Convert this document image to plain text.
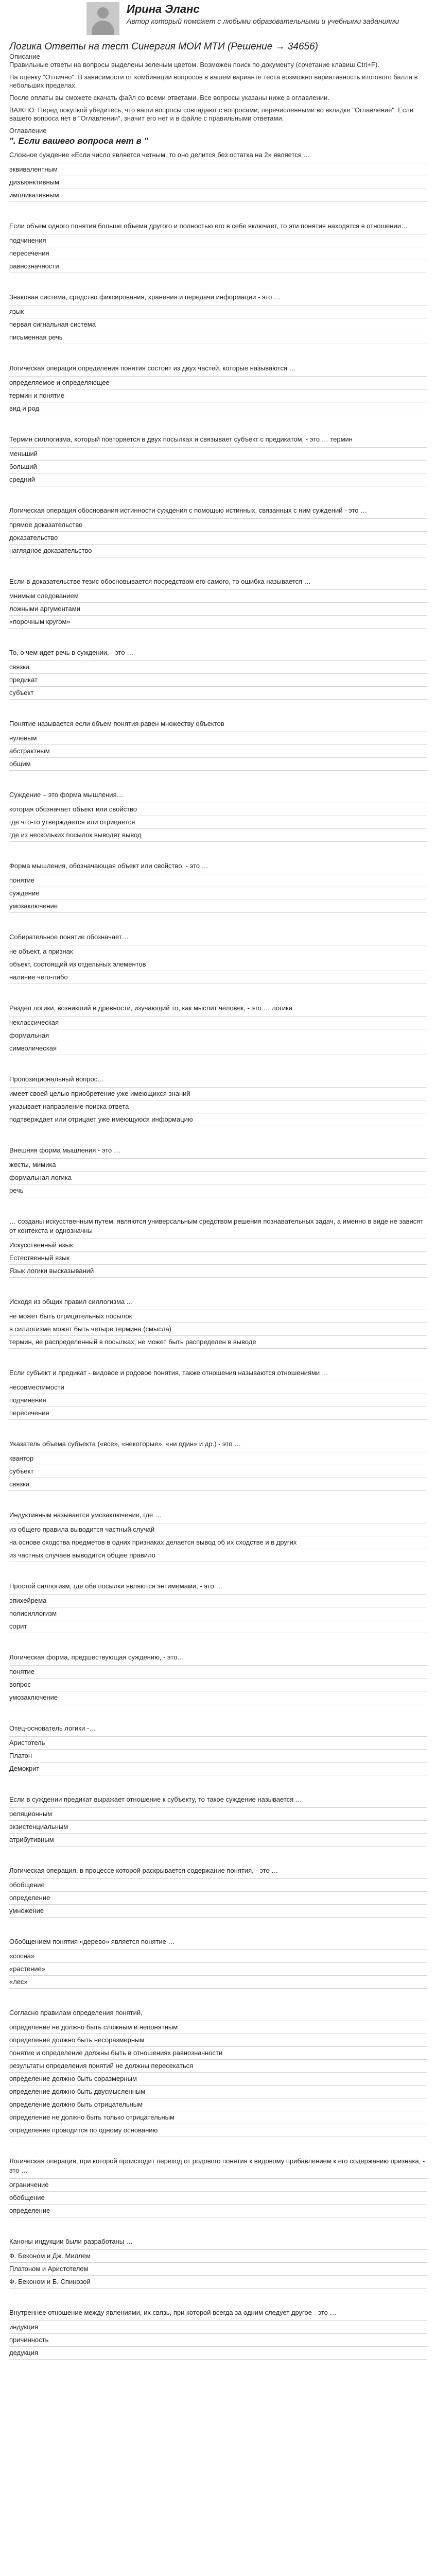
Ирина Эланс
Автор который поможет с любыми образовательными и учебными заданиями
Логика Ответы на тест Синергия МОИ МТИ (Решение → 34656)

Описание

Правильные ответы на вопросы выделены зеленым цветом. Возможен поиск по документу (сочетание клавиш Ctrl+F).

На оценку "Отлично". В зависимости от комбинации вопросов в вашем варианте теста возможно вариативность итогового балла в небольших пределах.

После оплаты вы сможете скачать файл со всеми ответами. Все вопросы указаны ниже в оглавлении.

ВАЖНО: Перед покупкой убедитесь, что ваши вопросы совпадают с вопросами, перечисленными во вкладке "Оглавление". Если вашего вопроса нет в "Оглавлении", значит его нет и в файле с правильными ответами.

Оглавление

". Если вашего вопроса нет в "
Сложное суждение «Если число является четным, то оно делится без остатка на 2» является …
эквивалентным
дизъюнктивным
импликативным
Если объем одного понятия больше объема другого и полностью его в себе включает, то эти понятия находятся в отношении…
подчинения
пересечения
равнозначности
Знаковая система, средство фиксирования, хранения и передачи информации - это …
язык
первая сигнальная система
письменная речь
Логическая операция определения понятия состоит из двух частей, которые называются …
определяемое и определяющее
термин и понятие
вид и род
Термин силлогизма, который повторяется в двух посылках и связывает субъект с предикатом, - это … термин
меньший
больший
средний
Логическая операция обоснования истинности суждения с помощью истинных, связанных с ним суждений - это …
прямое доказательство
доказательство
наглядное доказательство
Если в доказательстве тезис обосновывается посредством его самого, то ошибка называется …
мнимым следованием
ложными аргументами
«порочным кругом»
То, о чем идет речь в суждении, - это …
связка
предикат
субъект
Понятие называется если объем понятия равен множеству объектов
нулевым
абстрактным
общим
Суждение – это форма мышления…
которая обозначает объект или свойство
где что-то утверждается или отрицается
где из нескольких посылок выводят вывод
Форма мышления, обозначающая объект или свойство, - это …
понятие
суждение
умозаключение
Собирательное понятие обозначает…
не объект, а признак
объект, состоящий из отдельных элементов
наличие чего-либо
Раздел логики, возникший в древности, изучающий то, как мыслит человек, - это … логика
неклассическая
формальная
символическая
Пропозициональный вопрос…
имеет своей целью приобретение уже имеющихся знаний
указывает направление поиска ответа
подтверждает или отрицает уже имеющуюся информацию
Внешняя форма мышления - это …
жесты, мимика
формальная логика
речь
… созданы искусственным путем, являются универсальным средством решения познавательных задач, а именно в виде не зависят от контекста и однозначны
Искусственный язык
Естественный язык
Язык логики высказываний
Исходя из общих правил силлогизма ...
не может быть отрицательных посылок
в силлогизме может быть четыре термина (смысла)
термин, не распределенный в посылках, не может быть распределен в выводе
Если субъект и предикат - видовое и родовое понятия, также отношения называются отношениями …
несовместимости
подчинения
пересечения
Указатель объема субъекта («все», «некоторые», «ни один» и др.) - это …
квантор
субъект
связка
Индуктивным называется умозаключение, где …
из общего правила выводится частный случай
на основе сходства предметов в одних признаках делается вывод об их сходстве и в других
из частных случаев выводится общее правило
Простой силлогизм, где обе посылки являются энтимемами, - это …
эпихейрема
полисиллогизм
сорит
Логическая форма, предшествующая суждению, - это…
понятие
вопрос
умозаключение
Отец-основатель логики -…
Аристотель
Платон
Демокрит
Если в суждении предикат выражает отношение к субъекту, то такое суждение называется …
реляционным
экзистенциальным
атрибутивным
Логическая операция, в процессе которой раскрывается содержание понятия, - это …
обобщение
определение
умножение
Обобщением понятия «дерево» является понятие …
«сосна»
«растение»
«лес»
Согласно правилам определения понятий,
определение не должно быть сложным и непонятным
определение должно быть несоразмерным
понятие и определение должны быть в отношениях равнозначности
результаты определения понятий не должны пересекаться
определение должно быть соразмерным
определение должно быть двусмысленным
определение должно быть отрицательным
определение не должно быть только отрицательным
определение проводится по одному основанию
Логическая операция, при которой происходит переход от родового понятия к видовому прибавлением к его содержанию признака, - это …
ограничение
обобщение
определение
Каноны индукции были разработаны …
Ф. Беконом и Дж. Миллем
Платоном и Аристотелем
Ф. Беконом и Б. Спинозой
Внутреннее отношение между явлениями, их связь, при которой всегда за одним следует другое - это …
индукция
причинность
дедукция
